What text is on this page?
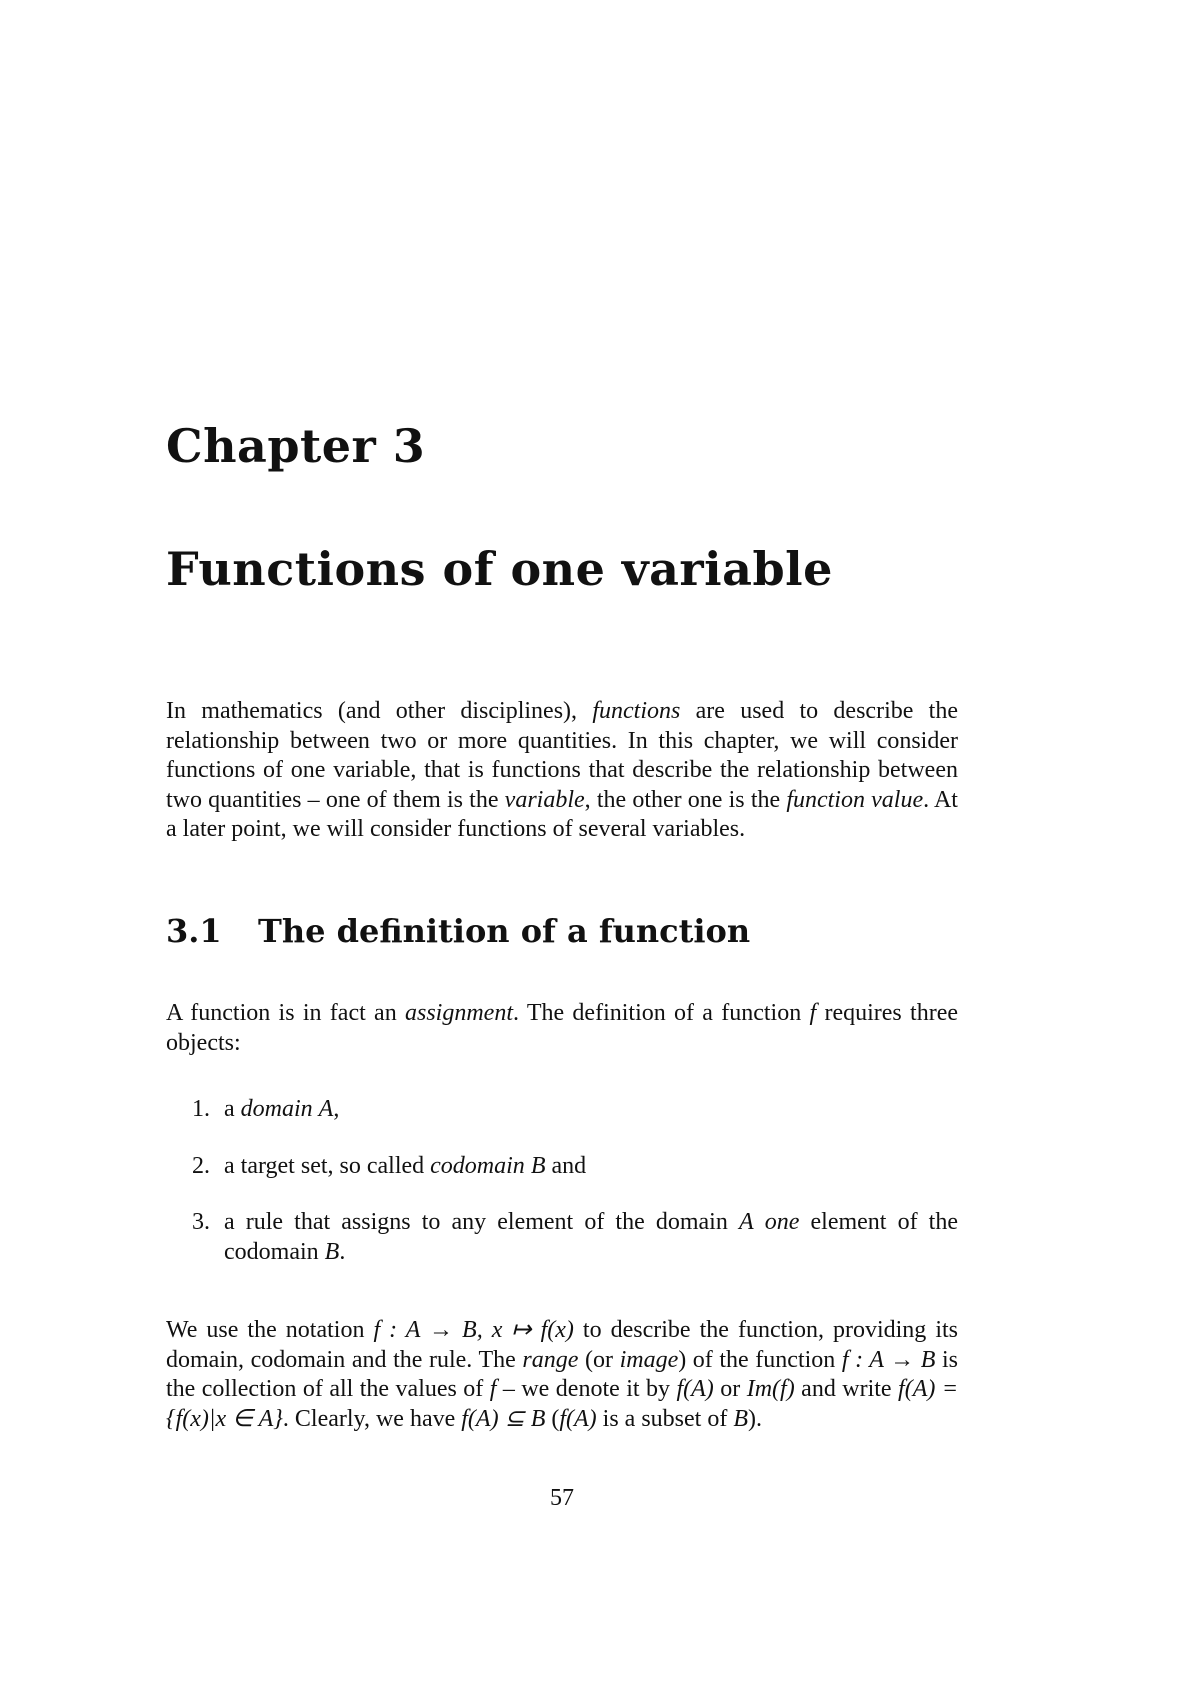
Chapter 3
Functions of one variable

In mathematics (and other disciplines), functions are used to describe the relationship between two or more quantities. In this chapter, we will consider functions of one variable, that is functions that describe the relationship between two quantities – one of them is the variable, the other one is the function value. At a later point, we will consider functions of several variables.

3.1 The definition of a function

A function is in fact an assignment. The definition of a function f requires three objects:

1. a domain A,
2. a target set, so called codomain B and
3. a rule that assigns to any element of the domain A one element of the codomain B.

We use the notation f : A → B, x ↦ f(x) to describe the function, providing its domain, codomain and the rule. The range (or image) of the function f : A → B is the collection of all the values of f – we denote it by f(A) or Im(f) and write f(A) = {f(x)|x ∈ A}. Clearly, we have f(A) ⊆ B (f(A) is a subset of B).

57
